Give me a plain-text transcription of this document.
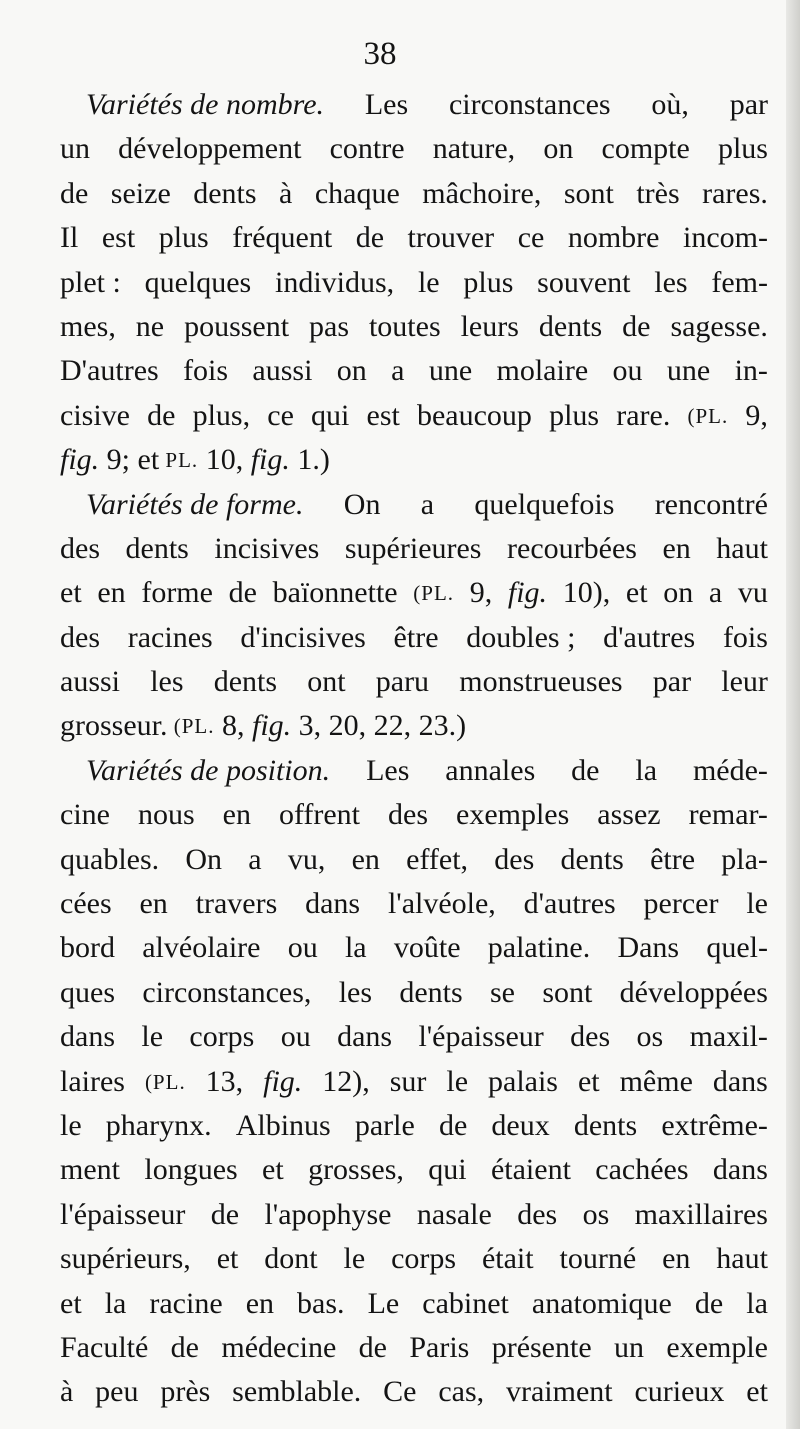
38
Variétés de nombre. Les circonstances où, par
un développement contre nature, on compte plus
de seize dents à chaque mâchoire, sont très rares.
Il est plus fréquent de trouver ce nombre incom-
plet : quelques individus, le plus souvent les fem-
mes, ne poussent pas toutes leurs dents de sagesse.
D'autres fois aussi on a une molaire ou une in-
cisive de plus, ce qui est beaucoup plus rare. (PL. 9,
fig. 9; et PL. 10, fig. 1.)
Variétés de forme. On a quelquefois rencontré
des dents incisives supérieures recourbées en haut
et en forme de baïonnette (PL. 9, fig. 10), et on a vu
des racines d'incisives être doubles ; d'autres fois
aussi les dents ont paru monstrueuses par leur
grosseur. (PL. 8, fig. 3, 20, 22, 23.)
Variétés de position. Les annales de la méde-
cine nous en offrent des exemples assez remar-
quables. On a vu, en effet, des dents être pla-
cées en travers dans l'alvéole, d'autres percer le
bord alvéolaire ou la voûte palatine. Dans quel-
ques circonstances, les dents se sont développées
dans le corps ou dans l'épaisseur des os maxil-
laires (PL. 13, fig. 12), sur le palais et même dans
le pharynx. Albinus parle de deux dents extrême-
ment longues et grosses, qui étaient cachées dans
l'épaisseur de l'apophyse nasale des os maxillaires
supérieurs, et dont le corps était tourné en haut
et la racine en bas. Le cabinet anatomique de la
Faculté de médecine de Paris présente un exemple
à peu près semblable. Ce cas, vraiment curieux et
